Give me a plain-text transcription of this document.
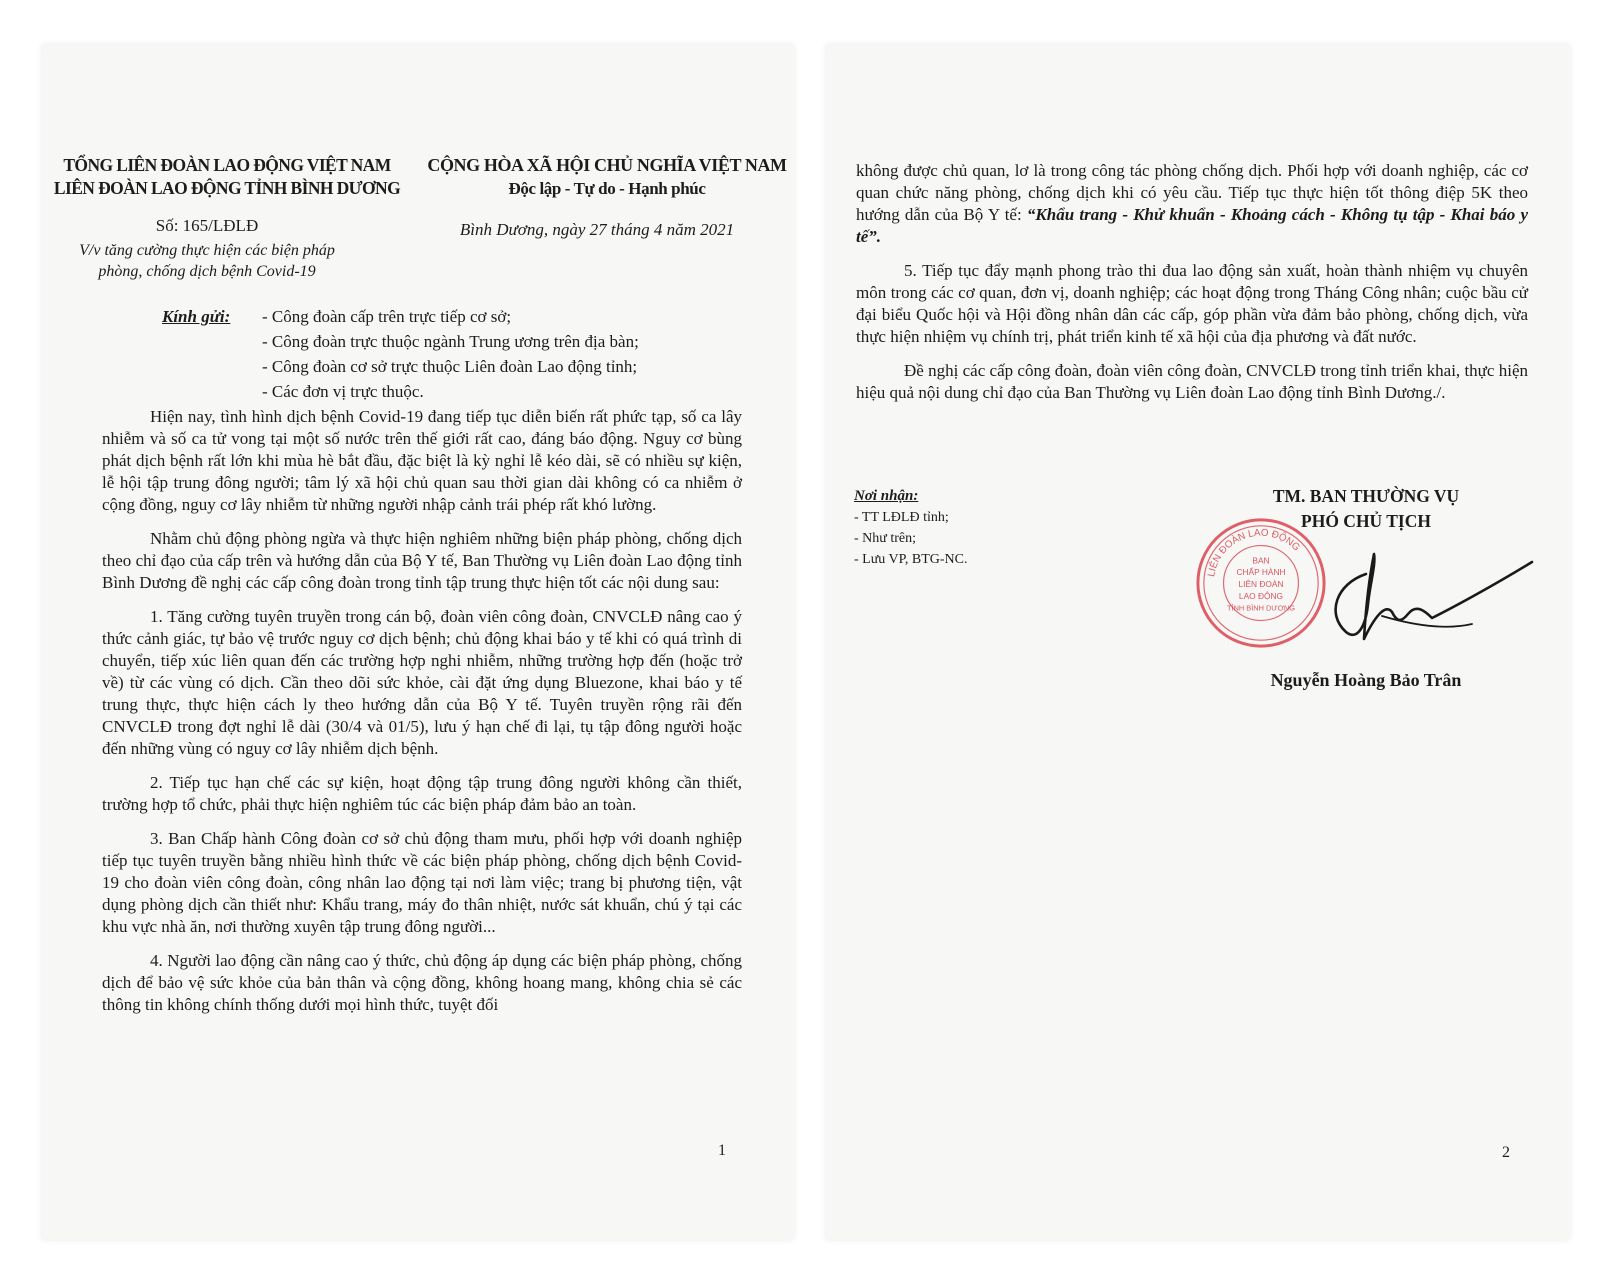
TỔNG LIÊN ĐOÀN LAO ĐỘNG VIỆT NAM
LIÊN ĐOÀN LAO ĐỘNG TỈNH BÌNH DƯƠNG
CỘNG HÒA XÃ HỘI CHỦ NGHĨA VIỆT NAM
Độc lập - Tự do - Hạnh phúc
Số: 165/LĐLĐ
V/v tăng cường thực hiện các biện pháp
phòng, chống dịch bệnh Covid-19
Bình Dương, ngày 27 tháng 4 năm 2021
Kính gửi: - Công đoàn cấp trên trực tiếp cơ sở;
- Công đoàn trực thuộc ngành Trung ương trên địa bàn;
- Công đoàn cơ sở trực thuộc Liên đoàn Lao động tỉnh;
- Các đơn vị trực thuộc.

Hiện nay, tình hình dịch bệnh Covid-19 đang tiếp tục diễn biến rất phức tạp, số ca lây nhiễm và số ca tử vong tại một số nước trên thế giới rất cao, đáng báo động. Nguy cơ bùng phát dịch bệnh rất lớn khi mùa hè bắt đầu, đặc biệt là kỳ nghỉ lễ kéo dài, sẽ có nhiều sự kiện, lễ hội tập trung đông người; tâm lý xã hội chủ quan sau thời gian dài không có ca nhiễm ở cộng đồng, nguy cơ lây nhiễm từ những người nhập cảnh trái phép rất khó lường.

Nhằm chủ động phòng ngừa và thực hiện nghiêm những biện pháp phòng, chống dịch theo chỉ đạo của cấp trên và hướng dẫn của Bộ Y tế, Ban Thường vụ Liên đoàn Lao động tỉnh Bình Dương đề nghị các cấp công đoàn trong tỉnh tập trung thực hiện tốt các nội dung sau:

1. Tăng cường tuyên truyền trong cán bộ, đoàn viên công đoàn, CNVCLĐ nâng cao ý thức cảnh giác, tự bảo vệ trước nguy cơ dịch bệnh; chủ động khai báo y tế khi có quá trình di chuyển, tiếp xúc liên quan đến các trường hợp nghi nhiễm, những trường hợp đến (hoặc trở về) từ các vùng có dịch. Cần theo dõi sức khỏe, cài đặt ứng dụng Bluezone, khai báo y tế trung thực, thực hiện cách ly theo hướng dẫn của Bộ Y tế. Tuyên truyền rộng rãi đến CNVCLĐ trong đợt nghỉ lễ dài (30/4 và 01/5), lưu ý hạn chế đi lại, tụ tập đông người hoặc đến những vùng có nguy cơ lây nhiễm dịch bệnh.

2. Tiếp tục hạn chế các sự kiện, hoạt động tập trung đông người không cần thiết, trường hợp tổ chức, phải thực hiện nghiêm túc các biện pháp đảm bảo an toàn.

3. Ban Chấp hành Công đoàn cơ sở chủ động tham mưu, phối hợp với doanh nghiệp tiếp tục tuyên truyền bằng nhiều hình thức về các biện pháp phòng, chống dịch bệnh Covid-19 cho đoàn viên công đoàn, công nhân lao động tại nơi làm việc; trang bị phương tiện, vật dụng phòng dịch cần thiết như: Khẩu trang, máy đo thân nhiệt, nước sát khuẩn, chú ý tại các khu vực nhà ăn, nơi thường xuyên tập trung đông người...

4. Người lao động cần nâng cao ý thức, chủ động áp dụng các biện pháp phòng, chống dịch để bảo vệ sức khỏe của bản thân và cộng đồng, không hoang mang, không chia sẻ các thông tin không chính thống dưới mọi hình thức, tuyệt đối

1

không được chủ quan, lơ là trong công tác phòng chống dịch. Phối hợp với doanh nghiệp, các cơ quan chức năng phòng, chống dịch khi có yêu cầu. Tiếp tục thực hiện tốt thông điệp 5K theo hướng dẫn của Bộ Y tế: “Khẩu trang - Khử khuẩn - Khoảng cách - Không tụ tập - Khai báo y tế”.

5. Tiếp tục đẩy mạnh phong trào thi đua lao động sản xuất, hoàn thành nhiệm vụ chuyên môn trong các cơ quan, đơn vị, doanh nghiệp; các hoạt động trong Tháng Công nhân; cuộc bầu cử đại biểu Quốc hội và Hội đồng nhân dân các cấp, góp phần vừa đảm bảo phòng, chống dịch, vừa thực hiện nhiệm vụ chính trị, phát triển kinh tế xã hội của địa phương và đất nước.

Đề nghị các cấp công đoàn, đoàn viên công đoàn, CNVCLĐ trong tỉnh triển khai, thực hiện hiệu quả nội dung chỉ đạo của Ban Thường vụ Liên đoàn Lao động tỉnh Bình Dương./.

Nơi nhận:
- TT LĐLĐ tỉnh;
- Như trên;
- Lưu VP, BTG-NC.
TM. BAN THƯỜNG VỤ
PHÓ CHỦ TỊCH
LIÊN ĐOÀN LAO ĐỘNG
BAN
CHẤP HÀNH
LIÊN ĐOÀN
LAO ĐỘNG
TỈNH BÌNH DƯƠNG
Nguyễn Hoàng Bảo Trân
2
